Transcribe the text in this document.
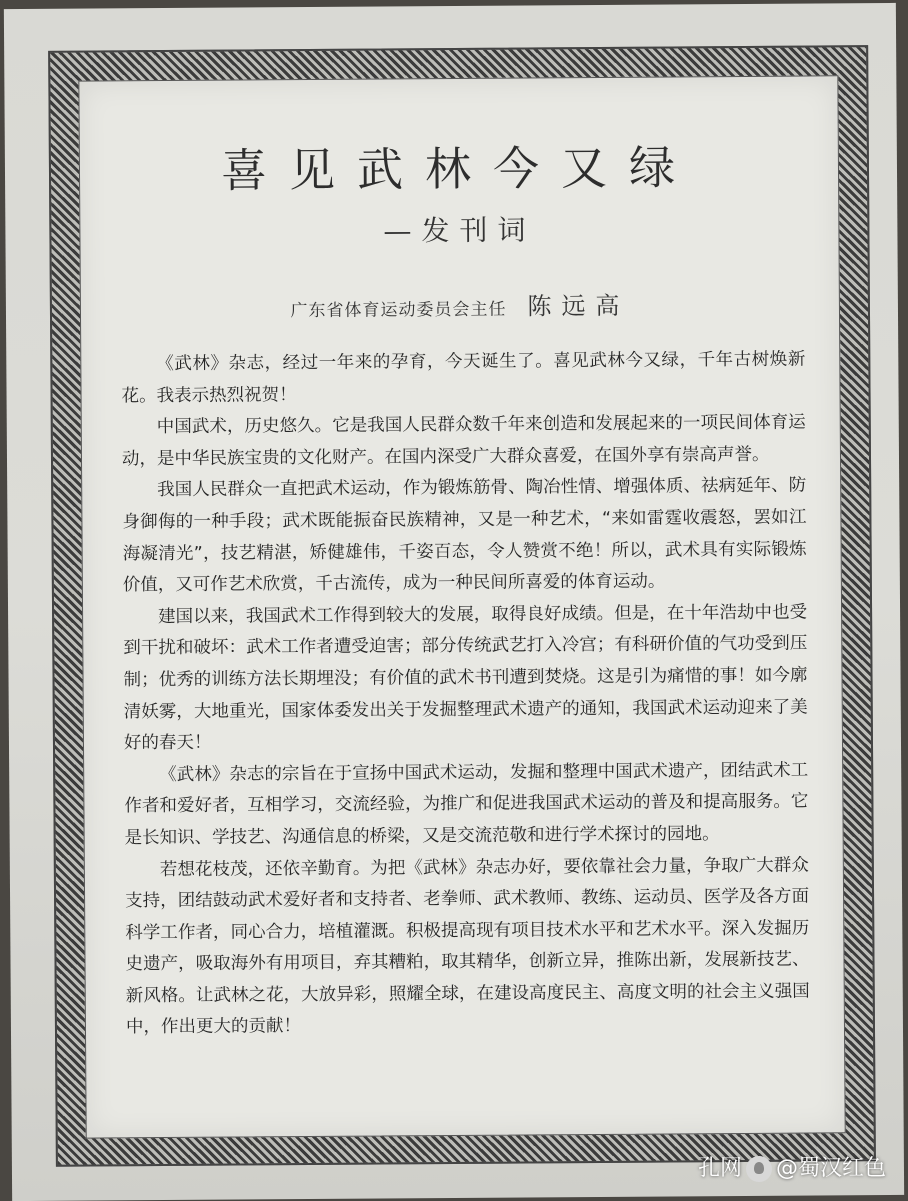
喜见武林今又绿
—发刊词
广东省体育运动委员会主任 陈远高

《武林》杂志，经过一年来的孕育，今天诞生了。喜见武林今又绿，千年古树焕新花。我表示热烈祝贺！

中国武术，历史悠久。它是我国人民群众数千年来创造和发展起来的一项民间体育运动，是中华民族宝贵的文化财产。在国内深受广大群众喜爱，在国外享有崇高声誉。

我国人民群众一直把武术运动，作为锻炼筋骨、陶冶性情、增强体质、祛病延年、防身御侮的一种手段；武术既能振奋民族精神，又是一种艺术，“来如雷霆收震怒，罢如江海凝清光”，技艺精湛，矫健雄伟，千姿百态，令人赞赏不绝！所以，武术具有实际锻炼价值，又可作艺术欣赏，千古流传，成为一种民间所喜爱的体育运动。

建国以来，我国武术工作得到较大的发展，取得良好成绩。但是，在十年浩劫中也受到干扰和破坏：武术工作者遭受迫害；部分传统武艺打入冷宫；有科研价值的气功受到压制；优秀的训练方法长期埋没；有价值的武术书刊遭到焚烧。这是引为痛惜的事！如今廓清妖雾，大地重光，国家体委发出关于发掘整理武术遗产的通知，我国武术运动迎来了美好的春天！

《武林》杂志的宗旨在于宣扬中国武术运动，发掘和整理中国武术遗产，团结武术工作者和爱好者，互相学习，交流经验，为推广和促进我国武术运动的普及和提高服务。它是长知识、学技艺、沟通信息的桥梁，又是交流范敬和进行学术探讨的园地。

若想花枝茂，还依辛勤育。为把《武林》杂志办好，要依靠社会力量，争取广大群众支持，团结鼓动武术爱好者和支持者、老拳师、武术教师、教练、运动员、医学及各方面科学工作者，同心合力，培植灌溉。积极提高现有项目技术水平和艺术水平。深入发掘历史遗产，吸取海外有用项目，弃其糟粕，取其精华，创新立异，推陈出新，发展新技艺、新风格。让武林之花，大放异彩，照耀全球，在建设高度民主、高度文明的社会主义强国中，作出更大的贡献！

孔网 @蜀汉红色
